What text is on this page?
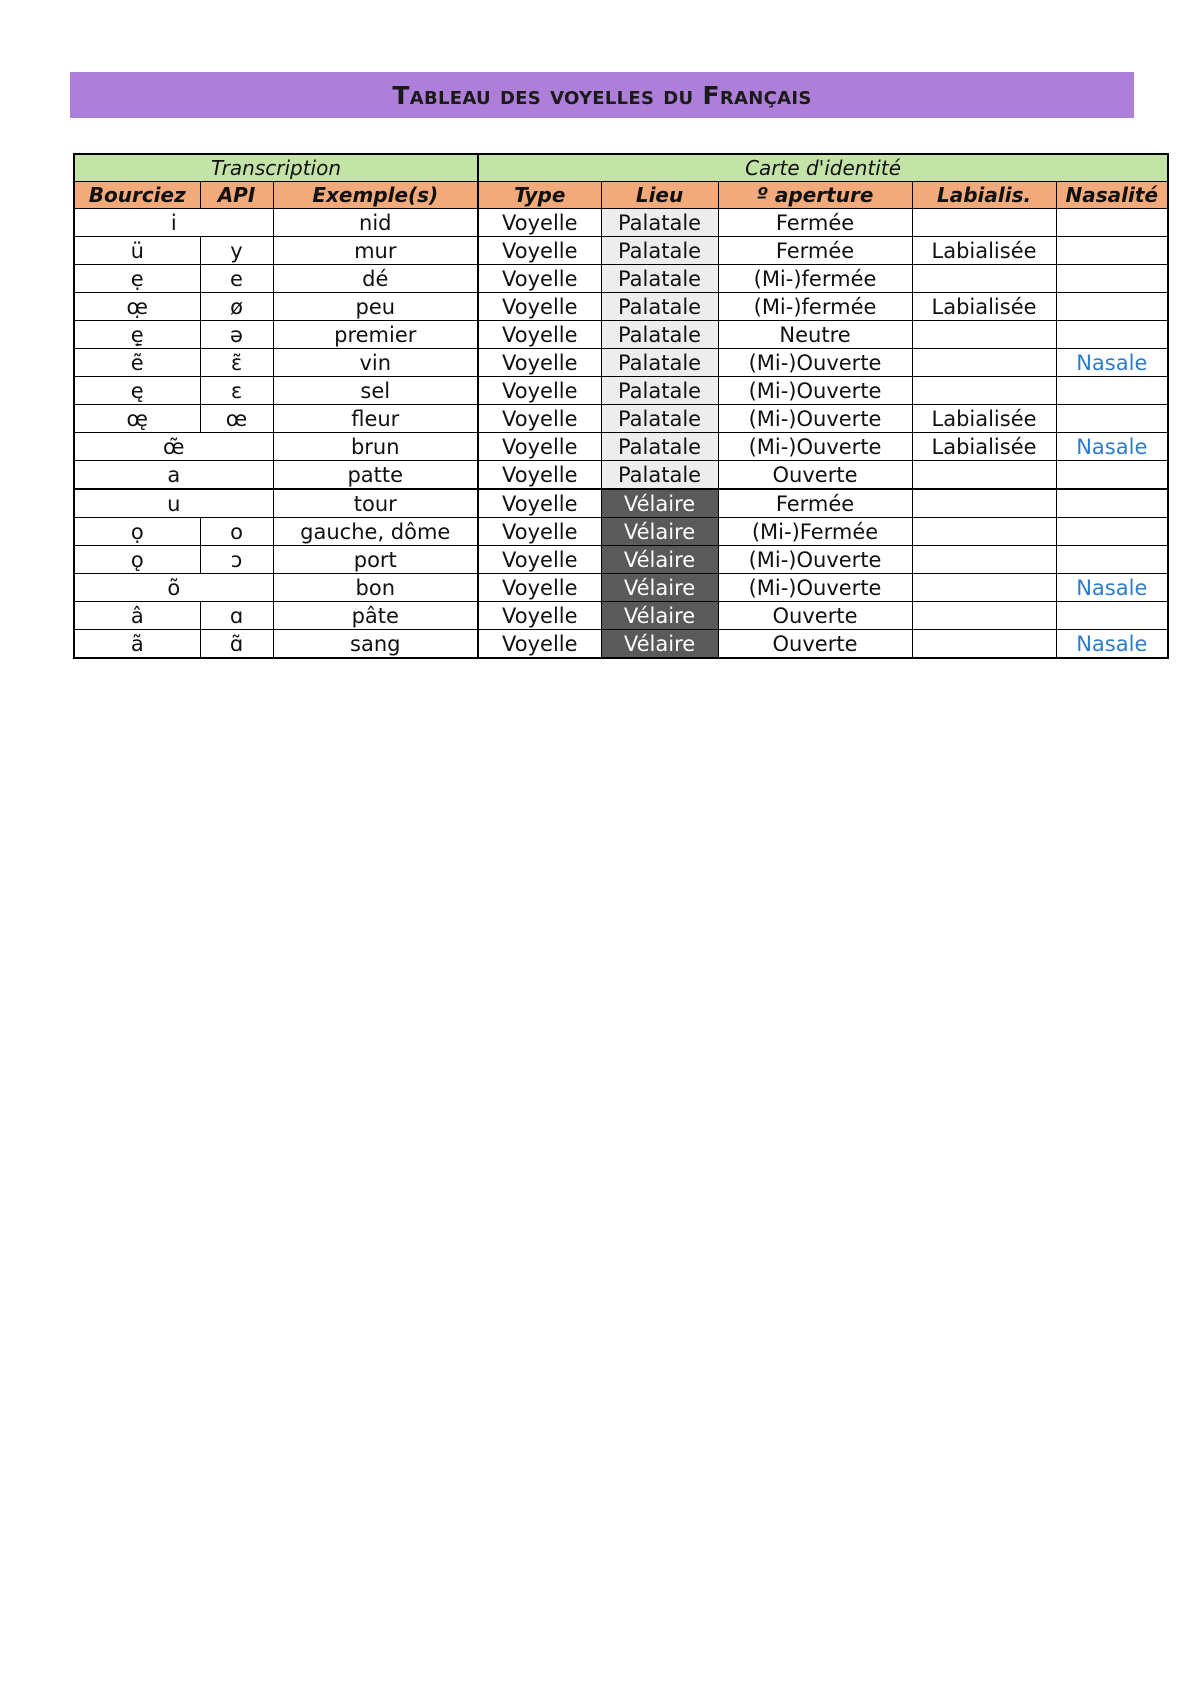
Tableau des voyelles du Français
Transcription			Carte d'identité				
Bourciez	API	Exemple(s)	Type	Lieu	º aperture	Labialis.	Nasalité
i		nid	Voyelle	Palatale	Fermée		
ü	y	mur	Voyelle	Palatale	Fermée	Labialisée	
ẹ	e	dé	Voyelle	Palatale	(Mi-)fermée		
œ̣	ø	peu	Voyelle	Palatale	(Mi-)fermée	Labialisée	
ẹ̱	ə	premier	Voyelle	Palatale	Neutre		
ẽ	ɛ̃	vin	Voyelle	Palatale	(Mi-)Ouverte		Nasale
ę	ɛ	sel	Voyelle	Palatale	(Mi-)Ouverte		
œ̨	œ	fleur	Voyelle	Palatale	(Mi-)Ouverte	Labialisée	
œ̃		brun	Voyelle	Palatale	(Mi-)Ouverte	Labialisée	Nasale
a		patte	Voyelle	Palatale	Ouverte		
u		tour	Voyelle	Vélaire	Fermée		
ọ	o	gauche, dôme	Voyelle	Vélaire	(Mi-)Fermée		
ǫ	ɔ	port	Voyelle	Vélaire	(Mi-)Ouverte		
õ		bon	Voyelle	Vélaire	(Mi-)Ouverte		Nasale
â	ɑ	pâte	Voyelle	Vélaire	Ouverte		
ã	ɑ̃	sang	Voyelle	Vélaire	Ouverte		Nasale
